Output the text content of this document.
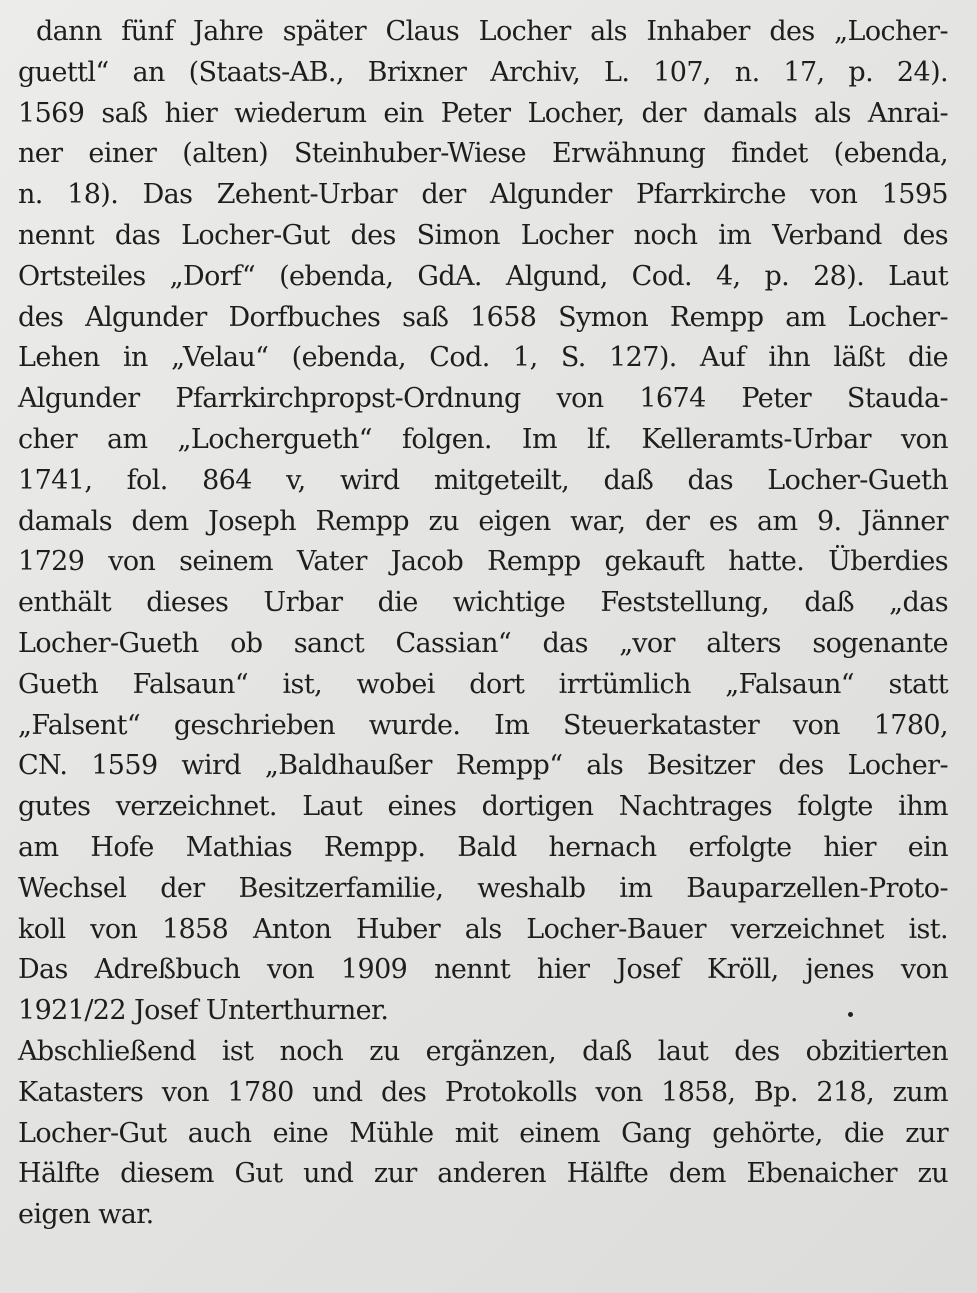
dann fünf Jahre später Claus Locher als Inhaber des „Locher-
guettl“ an (Staats-AB., Brixner Archiv, L. 107, n. 17, p. 24).
1569 saß hier wiederum ein Peter Locher, der damals als Anrai-
ner einer (alten) Steinhuber-Wiese Erwähnung findet (ebenda,
n. 18). Das Zehent-Urbar der Algunder Pfarrkirche von 1595
nennt das Locher-Gut des Simon Locher noch im Verband des
Ortsteiles „Dorf“ (ebenda, GdA. Algund, Cod. 4, p. 28). Laut
des Algunder Dorfbuches saß 1658 Symon Rempp am Locher-
Lehen in „Velau“ (ebenda, Cod. 1, S. 127). Auf ihn läßt die
Algunder Pfarrkirchpropst-Ordnung von 1674 Peter Stauda-
cher am „Lochergueth“ folgen. Im lf. Kelleramts-Urbar von
1741, fol. 864 v, wird mitgeteilt, daß das Locher-Gueth
damals dem Joseph Rempp zu eigen war, der es am 9. Jänner
1729 von seinem Vater Jacob Rempp gekauft hatte. Überdies
enthält dieses Urbar die wichtige Feststellung, daß „das
Locher-Gueth ob sanct Cassian“ das „vor alters sogenante
Gueth Falsaun“ ist, wobei dort irrtümlich „Falsaun“ statt
„Falsent“ geschrieben wurde. Im Steuerkataster von 1780,
CN. 1559 wird „Baldhaußer Rempp“ als Besitzer des Locher-
gutes verzeichnet. Laut eines dortigen Nachtrages folgte ihm
am Hofe Mathias Rempp. Bald hernach erfolgte hier ein
Wechsel der Besitzerfamilie, weshalb im Bauparzellen-Proto-
koll von 1858 Anton Huber als Locher-Bauer verzeichnet ist.
Das Adreßbuch von 1909 nennt hier Josef Kröll, jenes von
1921/22 Josef Unterthurner.
Abschließend ist noch zu ergänzen, daß laut des obzitierten
Katasters von 1780 und des Protokolls von 1858, Bp. 218, zum
Locher-Gut auch eine Mühle mit einem Gang gehörte, die zur
Hälfte diesem Gut und zur anderen Hälfte dem Ebenaicher zu
eigen war.
